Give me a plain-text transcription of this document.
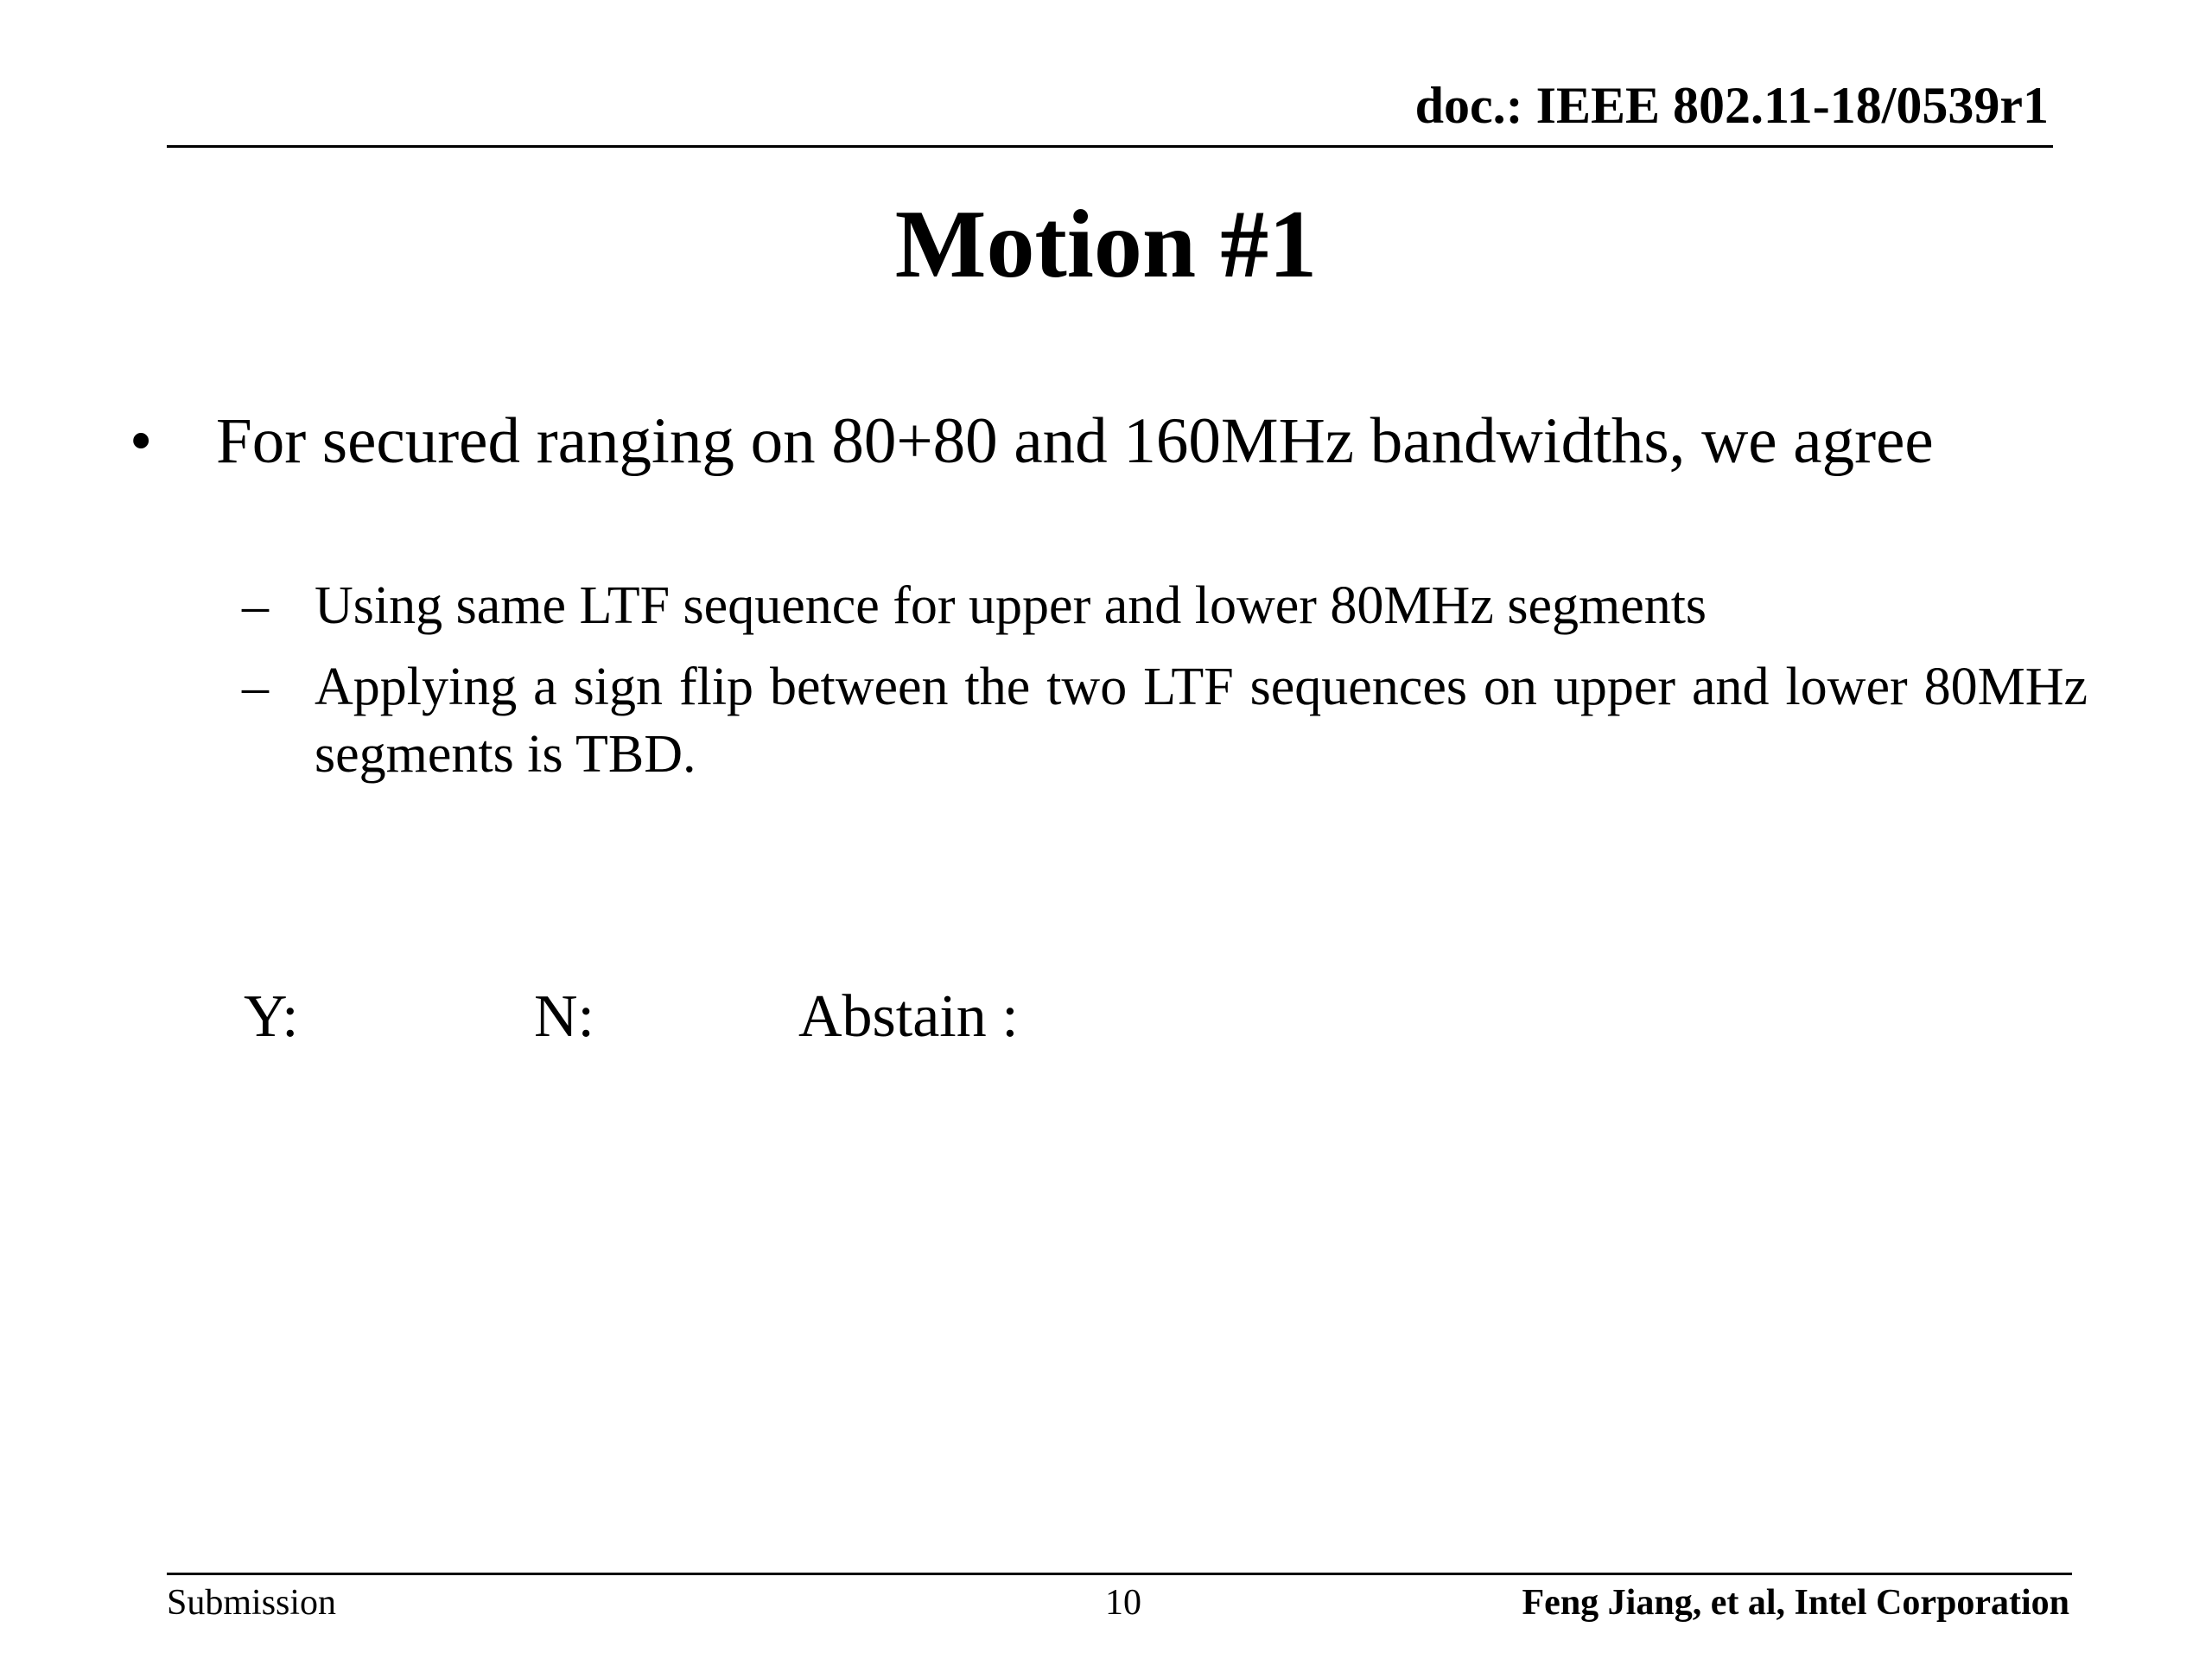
doc.: IEEE 802.11-18/0539r1
Motion #1
• For secured ranging on 80+80 and 160MHz bandwidths, we agree
– Using same LTF sequence for upper and lower 80MHz segments
– Applying a sign flip between the two LTF sequences on upper and lower 80MHz segments is TBD.
Y:	N:	Abstain :
Submission	10	Feng Jiang, et al, Intel Corporation
